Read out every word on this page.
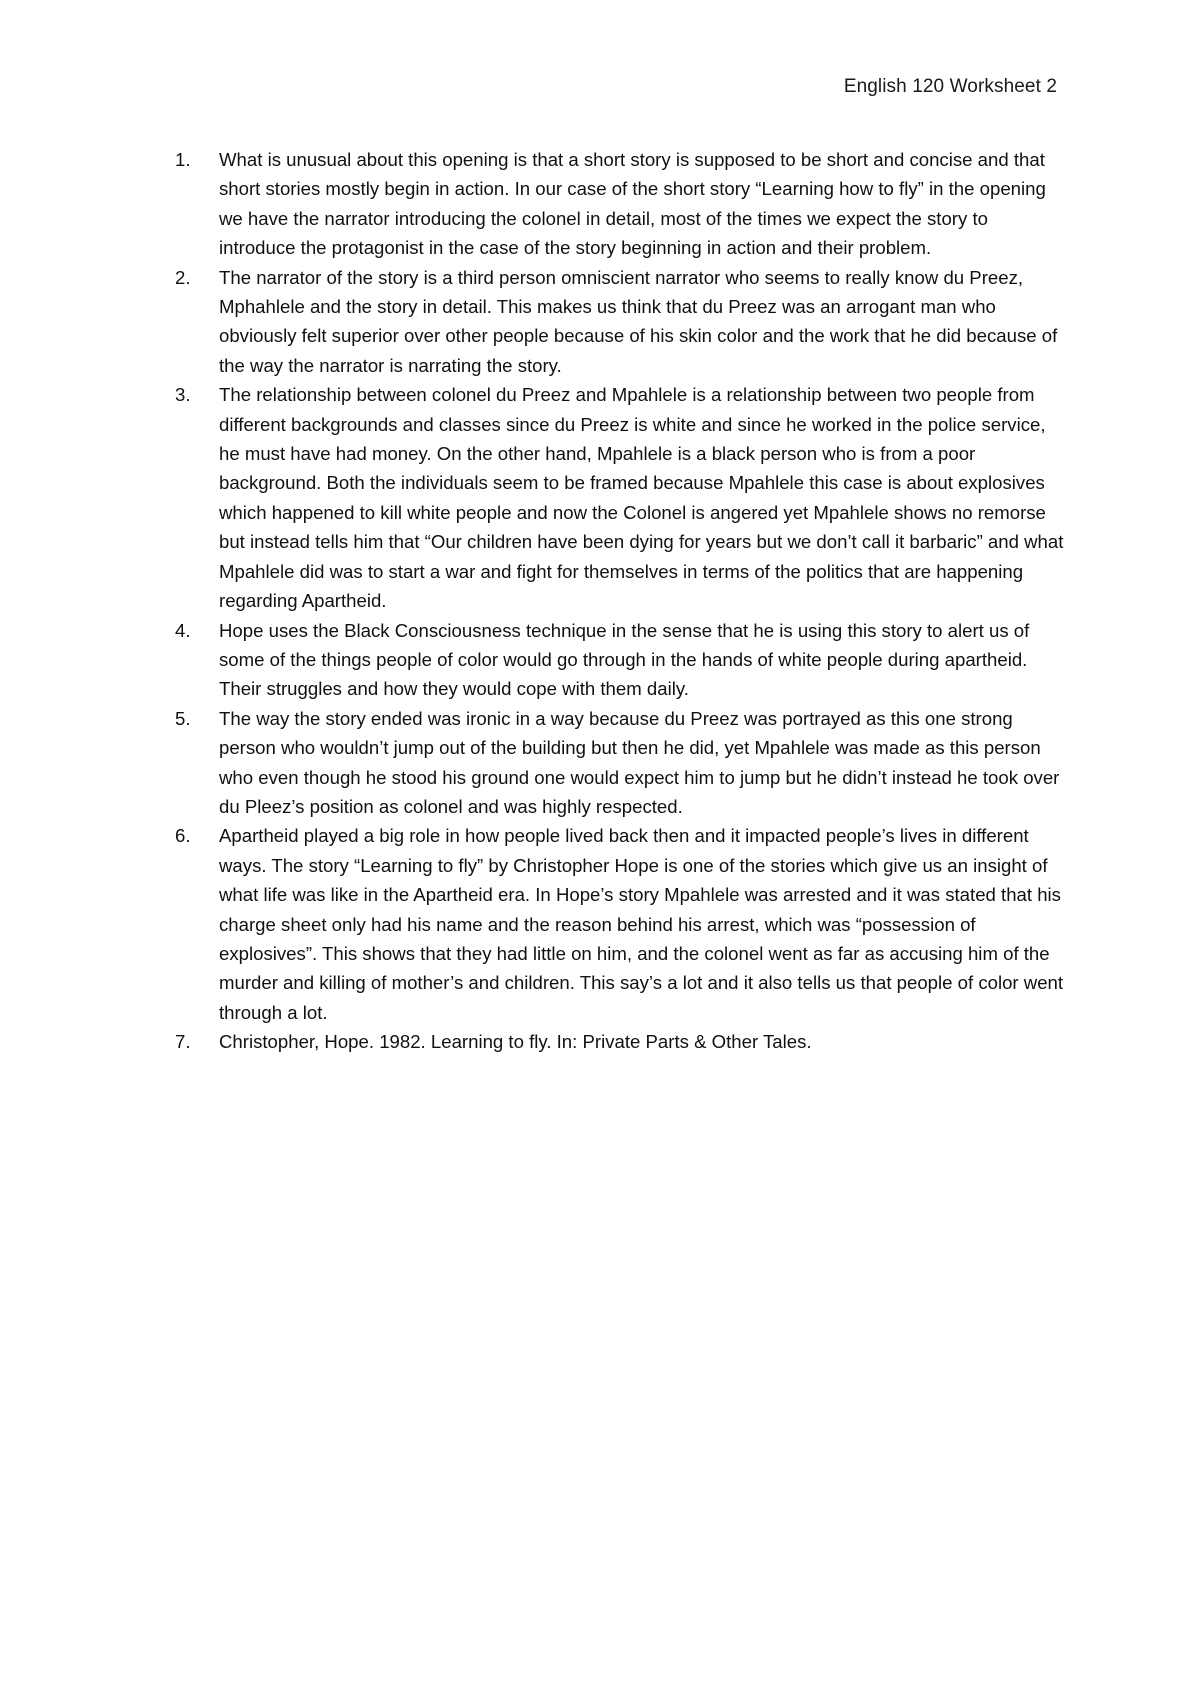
English 120 Worksheet 2
1.	What is unusual about this opening is that a short story is supposed to be short and concise and that short stories mostly begin in action. In our case of the short story “Learning how to fly” in the opening we have the narrator introducing the colonel in detail, most of the times we expect the story to introduce the protagonist in the case of the story beginning in action and their problem.
2.	The narrator of the story is a third person omniscient narrator who seems to really know du Preez, Mphahlele and the story in detail. This makes us think that du Preez was an arrogant man who obviously felt superior over other people because of his skin color and the work that he did because of the way the narrator is narrating the story.
3.	The relationship between colonel du Preez and Mpahlele is a relationship between two people from different backgrounds and classes since du Preez is white and since he worked in the police service, he must have had money. On the other hand, Mpahlele is a black person who is from a poor background. Both the individuals seem to be framed because Mpahlele this case is about explosives which happened to kill white people and now the Colonel is angered yet Mpahlele shows no remorse but instead tells him that “Our children have been dying for years but we don’t call it barbaric” and what Mpahlele did was to start a war and fight for themselves in terms of the politics that are happening regarding Apartheid.
4.	Hope uses the Black Consciousness technique in the sense that he is using this story to alert us of some of the things people of color would go through in the hands of white people during apartheid. Their struggles and how they would cope with them daily.
5.	The way the story ended was ironic in a way because du Preez was portrayed as this one strong person who wouldn’t jump out of the building but then he did, yet Mpahlele was made as this person who even though he stood his ground one would expect him to jump but he didn’t instead he took over du Pleez’s position as colonel and was highly respected.
6.	Apartheid played a big role in how people lived back then and it impacted people’s lives in different ways. The story “Learning to fly” by Christopher Hope is one of the stories which give us an insight of what life was like in the Apartheid era. In Hope’s story Mpahlele was arrested and it was stated that his charge sheet only had his name and the reason behind his arrest, which was “possession of explosives”. This shows that they had little on him, and the colonel went as far as accusing him of the murder and killing of mother’s and children. This say’s a lot and it also tells us that people of color went through a lot.
7.	Christopher, Hope. 1982. Learning to fly. In: Private Parts & Other Tales.
